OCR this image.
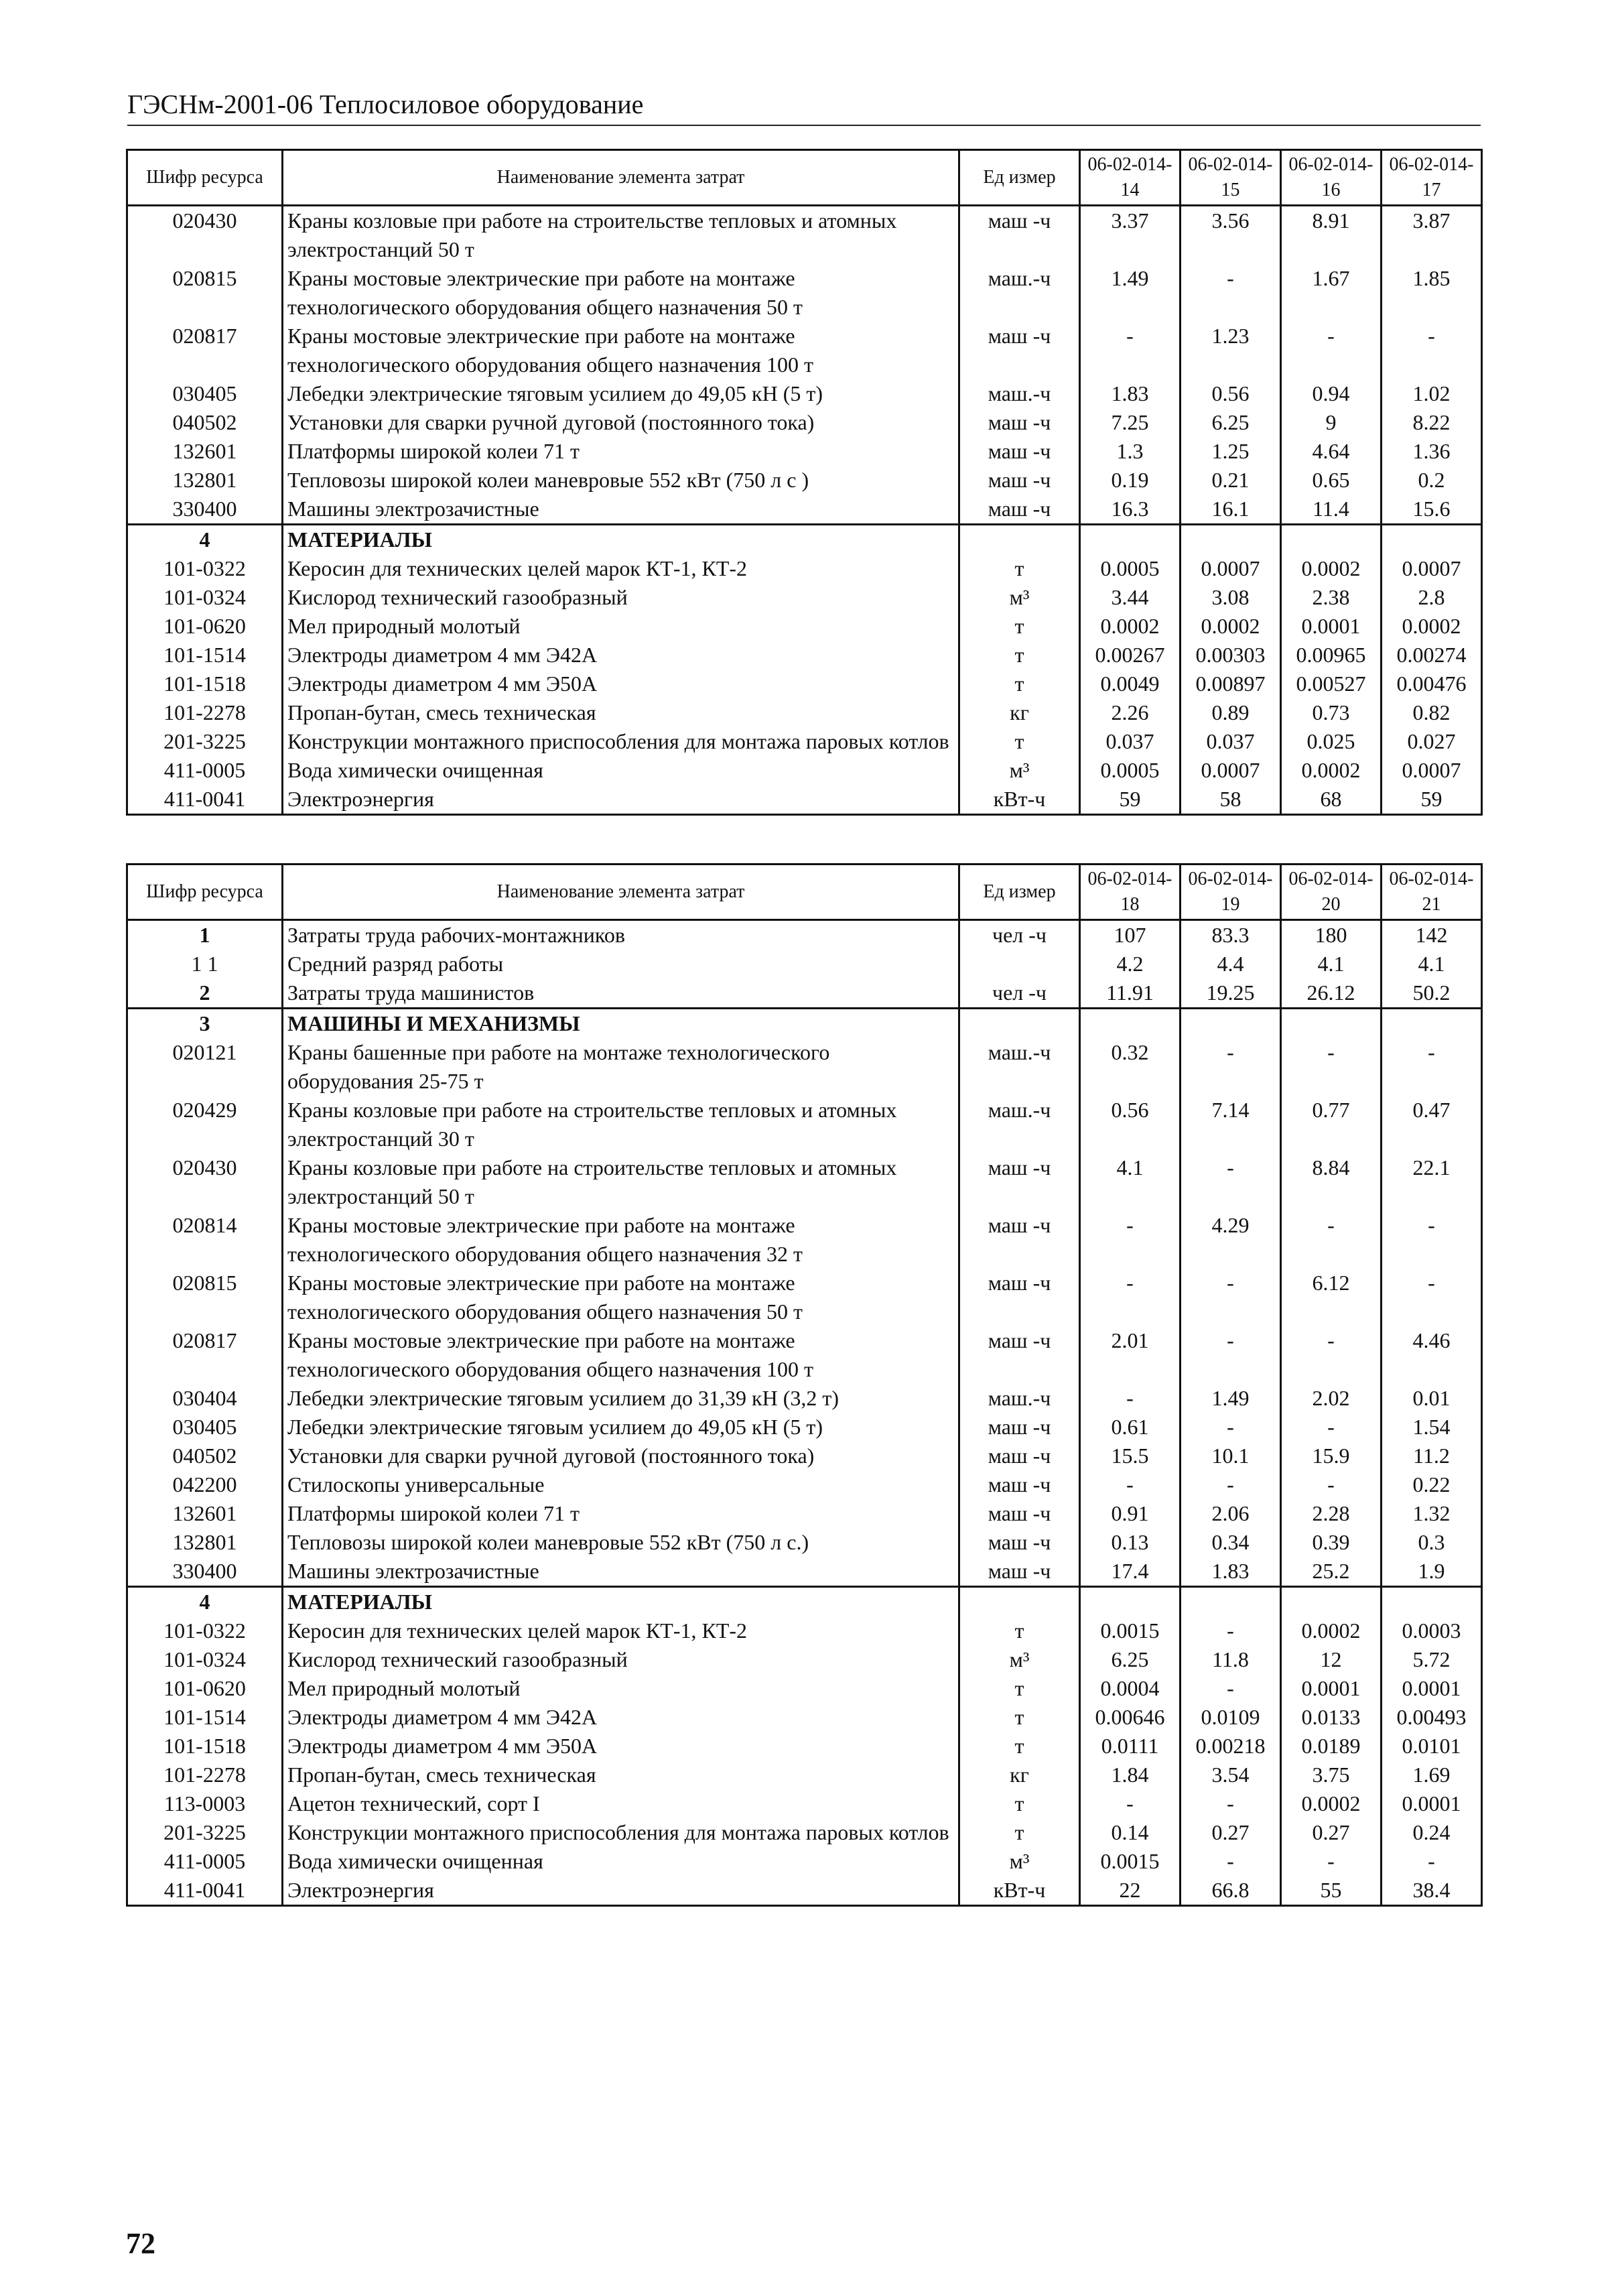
ГЭСНм-2001-06 Теплосиловое оборудование
Шифр ресурса	Наименование элемента затрат	Ед измер	06-02-014-14	06-02-014-15	06-02-014-16	06-02-014-17
020430	Краны козловые при работе на строительстве тепловых и атомных электростанций 50 т	маш -ч	3.37	3.56	8.91	3.87
020815	Краны мостовые электрические при работе на монтаже технологического оборудования общего назначения 50 т	маш.-ч	1.49	-	1.67	1.85
020817	Краны мостовые электрические при работе на монтаже технологического оборудования общего назначения 100 т	маш -ч	-	1.23	-	-
030405	Лебедки электрические тяговым усилием до 49,05 кН (5 т)	маш.-ч	1.83	0.56	0.94	1.02
040502	Установки для сварки ручной дуговой (постоянного тока)	маш -ч	7.25	6.25	9	8.22
132601	Платформы широкой колеи 71 т	маш -ч	1.3	1.25	4.64	1.36
132801	Тепловозы широкой колеи маневровые 552 кВт (750 л с )	маш -ч	0.19	0.21	0.65	0.2
330400	Машины электрозачистные	маш -ч	16.3	16.1	11.4	15.6
4	МАТЕРИАЛЫ					
101-0322	Керосин для технических целей марок КТ-1, КТ-2	т	0.0005	0.0007	0.0002	0.0007
101-0324	Кислород технический газообразный	м³	3.44	3.08	2.38	2.8
101-0620	Мел природный молотый	т	0.0002	0.0002	0.0001	0.0002
101-1514	Электроды диаметром 4 мм Э42А	т	0.00267	0.00303	0.00965	0.00274
101-1518	Электроды диаметром 4 мм Э50А	т	0.0049	0.00897	0.00527	0.00476
101-2278	Пропан-бутан, смесь техническая	кг	2.26	0.89	0.73	0.82
201-3225	Конструкции монтажного приспособления для монтажа паровых котлов	т	0.037	0.037	0.025	0.027
411-0005	Вода химически очищенная	м³	0.0005	0.0007	0.0002	0.0007
411-0041	Электроэнергия	кВт-ч	59	58	68	59
Шифр ресурса	Наименование элемента затрат	Ед измер	06-02-014-18	06-02-014-19	06-02-014-20	06-02-014-21
1	Затраты труда рабочих-монтажников	чел -ч	107	83.3	180	142
1 1	Средний разряд работы		4.2	4.4	4.1	4.1
2	Затраты труда машинистов	чел -ч	11.91	19.25	26.12	50.2
3	МАШИНЫ И МЕХАНИЗМЫ					
020121	Краны башенные при работе на монтаже технологического оборудования 25-75 т	маш.-ч	0.32	-	-	-
020429	Краны козловые при работе на строительстве тепловых и атомных электростанций 30 т	маш.-ч	0.56	7.14	0.77	0.47
020430	Краны козловые при работе на строительстве тепловых и атомных электростанций 50 т	маш -ч	4.1	-	8.84	22.1
020814	Краны мостовые электрические при работе на монтаже технологического оборудования общего назначения 32 т	маш -ч	-	4.29	-	-
020815	Краны мостовые электрические при работе на монтаже технологического оборудования общего назначения 50 т	маш -ч	-	-	6.12	-
020817	Краны мостовые электрические при работе на монтаже технологического оборудования общего назначения 100 т	маш -ч	2.01	-	-	4.46
030404	Лебедки электрические тяговым усилием до 31,39 кН (3,2 т)	маш.-ч	-	1.49	2.02	0.01
030405	Лебедки электрические тяговым усилием до 49,05 кН (5 т)	маш -ч	0.61	-	-	1.54
040502	Установки для сварки ручной дуговой (постоянного тока)	маш -ч	15.5	10.1	15.9	11.2
042200	Стилоскопы универсальные	маш -ч	-	-	-	0.22
132601	Платформы широкой колеи 71 т	маш -ч	0.91	2.06	2.28	1.32
132801	Тепловозы широкой колеи маневровые 552 кВт (750 л с.)	маш -ч	0.13	0.34	0.39	0.3
330400	Машины электрозачистные	маш -ч	17.4	1.83	25.2	1.9
4	МАТЕРИАЛЫ					
101-0322	Керосин для технических целей марок КТ-1, КТ-2	т	0.0015	-	0.0002	0.0003
101-0324	Кислород технический газообразный	м³	6.25	11.8	12	5.72
101-0620	Мел природный молотый	т	0.0004	-	0.0001	0.0001
101-1514	Электроды диаметром 4 мм Э42А	т	0.00646	0.0109	0.0133	0.00493
101-1518	Электроды диаметром 4 мм Э50А	т	0.0111	0.00218	0.0189	0.0101
101-2278	Пропан-бутан, смесь техническая	кг	1.84	3.54	3.75	1.69
113-0003	Ацетон технический, сорт I	т	-	-	0.0002	0.0001
201-3225	Конструкции монтажного приспособления для монтажа паровых котлов	т	0.14	0.27	0.27	0.24
411-0005	Вода химически очищенная	м³	0.0015	-	-	-
411-0041	Электроэнергия	кВт-ч	22	66.8	55	38.4
72
